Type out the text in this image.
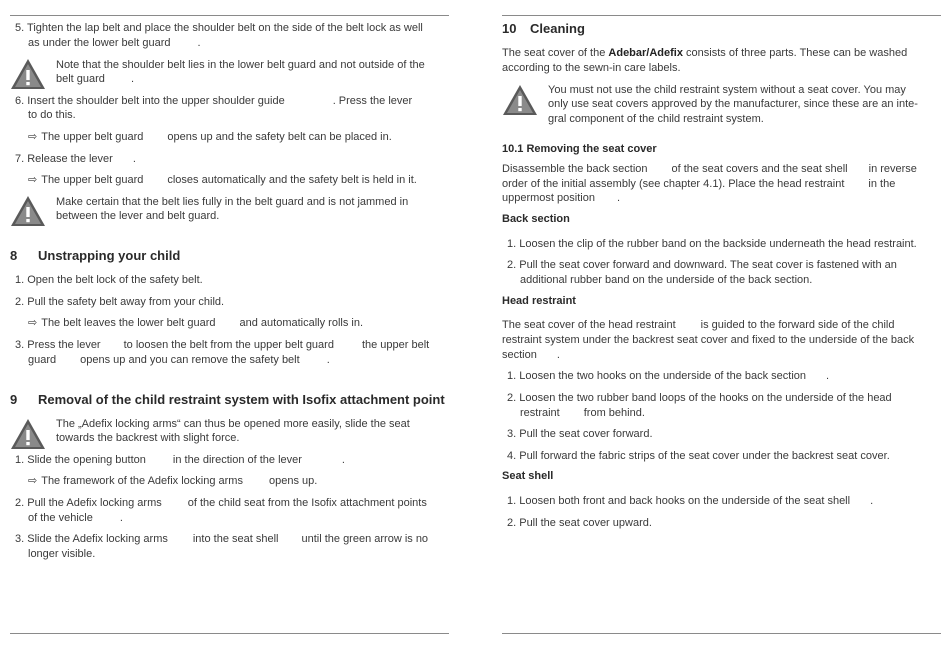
5. Tighten the lap belt and place the shoulder belt on the side of the belt lock as well
as under the lower belt guard .
Note that the shoulder belt lies in the lower belt guard and not outside of the
belt guard .
6. Insert the shoulder belt into the upper shoulder guide	. Press the lever
to do this.
⇨ The upper belt guard opens up and the safety belt can be placed in.
7. Release the lever .
⇨ The upper belt guard closes automatically and the safety belt is held in it.
Make certain that the belt lies fully in the belt guard and is not jammed in
between the lever and belt guard.
8 Unstrapping your child
1. Open the belt lock of the safety belt.
2. Pull the safety belt away from your child.
⇨ The belt leaves the lower belt guard and automatically rolls in.
3. Press the lever to loosen the belt from the upper belt guard	the upper belt
guard opens up and you can remove the safety belt .
9 Removal of the child restraint system with Isofix attachment point
The „Adefix locking arms“ can thus be opened more easily, slide the seat
towards the backrest with slight force.
1. Slide the opening button in the direction of the lever	.
⇨ The framework of the Adefix locking arms opens up.
2. Pull the Adefix locking arms of the child seat from the Isofix attachment points
of the vehicle .
3. Slide the Adefix locking arms into the seat shell until the green arrow is no
longer visible.
10 Cleaning
The seat cover of the Adebar/Adefix consists of three parts. These can be washed
according to the sewn-in care labels.
You must not use the child restraint system without a seat cover. You may
only use seat covers approved by the manufacturer, since these are an inte-
gral component of the child restraint system.
10.1 Removing the seat cover
Disassemble the back section of the seat covers and the seat shell in reverse
order of the initial assembly (see chapter 4.1). Place the head restraint in the
uppermost position .
Back section
1. Loosen the clip of the rubber band on the backside underneath the head restraint.
2. Pull the seat cover forward and downward. The seat cover is fastened with an
additional rubber band on the underside of the back section.
Head restraint
The seat cover of the head restraint is guided to the forward side of the child
restraint system under the backrest seat cover and fixed to the underside of the back
section .
1. Loosen the two hooks on the underside of the back section .
2. Loosen the two rubber band loops of the hooks on the underside of the head
restraint from behind.
3. Pull the seat cover forward.
4. Pull forward the fabric strips of the seat cover under the backrest seat cover.
Seat shell
1. Loosen both front and back hooks on the underside of the seat shell .
2. Pull the seat cover upward.
